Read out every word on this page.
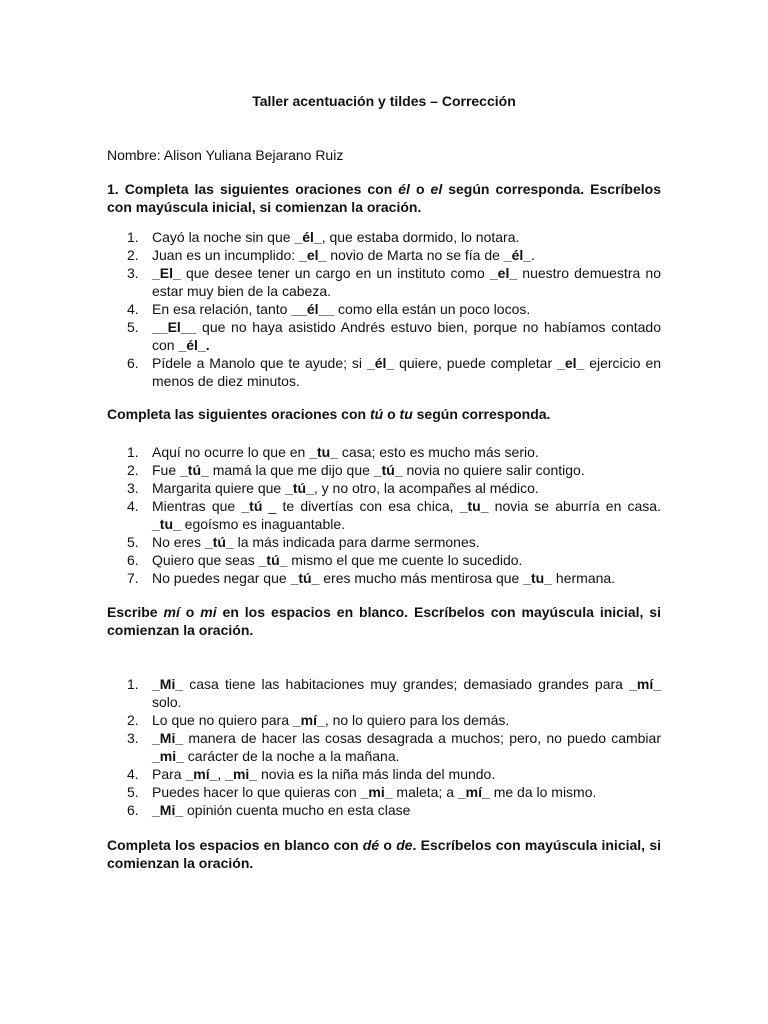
Taller acentuación y tildes – Corrección
Nombre: Alison Yuliana Bejarano Ruiz
1. Completa las siguientes oraciones con él o el según corresponda. Escríbelos con mayúscula inicial, si comienzan la oración.
1. Cayó la noche sin que _él_, que estaba dormido, lo notara.
2. Juan es un incumplido: _el_ novio de Marta no se fía de _él_.
3. _El_ que desee tener un cargo en un instituto como _el_ nuestro demuestra no estar muy bien de la cabeza.
4. En esa relación, tanto __él__ como ella están un poco locos.
5. __El__ que no haya asistido Andrés estuvo bien, porque no habíamos contado con _él_.
6. Pídele a Manolo que te ayude; si _él_ quiere, puede completar _el_ ejercicio en menos de diez minutos.
Completa las siguientes oraciones con tú o tu según corresponda.
1. Aquí no ocurre lo que en _tu_ casa; esto es mucho más serio.
2. Fue _tú_ mamá la que me dijo que _tú_ novia no quiere salir contigo.
3. Margarita quiere que _tú_, y no otro, la acompañes al médico.
4. Mientras que _tú _ te divertías con esa chica, _tu_ novia se aburría en casa. _tu_ egoísmo es inaguantable.
5. No eres _tú_ la más indicada para darme sermones.
6. Quiero que seas _tú_ mismo el que me cuente lo sucedido.
7. No puedes negar que _tú_ eres mucho más mentirosa que _tu_ hermana.
Escribe mí o mi en los espacios en blanco. Escríbelos con mayúscula inicial, si comienzan la oración.
1. _Mi_ casa tiene las habitaciones muy grandes; demasiado grandes para _mí_ solo.
2. Lo que no quiero para _mí_, no lo quiero para los demás.
3. _Mi_ manera de hacer las cosas desagrada a muchos; pero, no puedo cambiar _mi_ carácter de la noche a la mañana.
4. Para _mí_, _mi_ novia es la niña más linda del mundo.
5. Puedes hacer lo que quieras con _mi_ maleta; a _mí_ me da lo mismo.
6. _Mi_ opinión cuenta mucho en esta clase
Completa los espacios en blanco con dé o de. Escríbelos con mayúscula inicial, si comienzan la oración.
